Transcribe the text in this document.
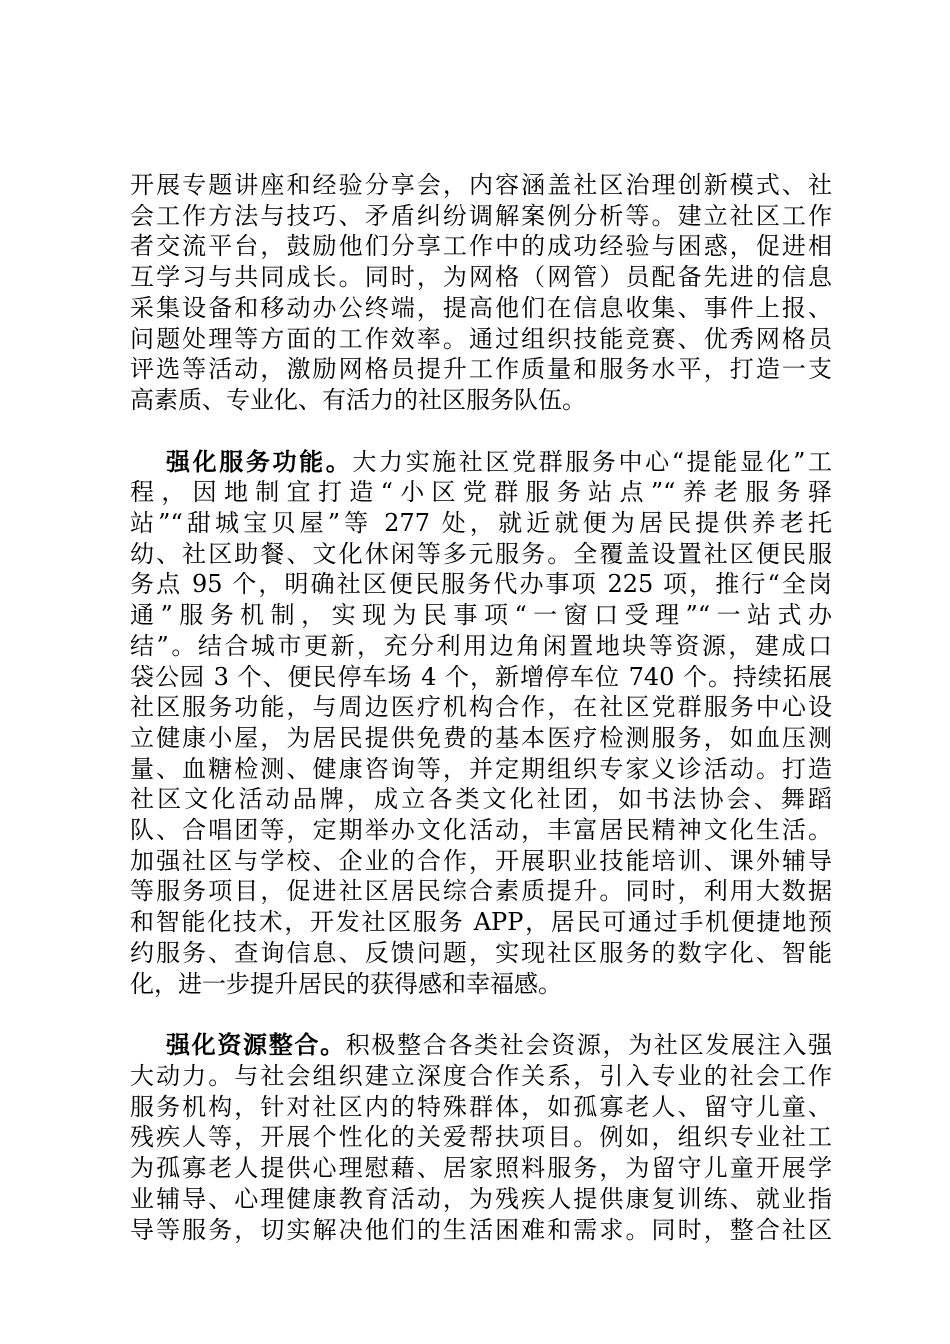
开展专题讲座和经验分享会，内容涵盖社区治理创新模式、社
会工作方法与技巧、矛盾纠纷调解案例分析等。建立社区工作
者交流平台，鼓励他们分享工作中的成功经验与困惑，促进相
互学习与共同成长。同时，为网格（网管）员配备先进的信息
采集设备和移动办公终端，提高他们在信息收集、事件上报、
问题处理等方面的工作效率。通过组织技能竞赛、优秀网格员
评选等活动，激励网格员提升工作质量和服务水平，打造一支
高素质、专业化、有活力的社区服务队伍。
强化服务功能。大力实施社区党群服务中心“提能显化”工
程，因地制宜打造“小区党群服务站点”“养老服务驿
站”“甜城宝贝屋”等 277 处，就近就便为居民提供养老托
幼、社区助餐、文化休闲等多元服务。全覆盖设置社区便民服
务点 95 个，明确社区便民服务代办事项 225 项，推行“全岗
通”服务机制，实现为民事项“一窗口受理”“一站式办
结”。结合城市更新，充分利用边角闲置地块等资源，建成口
袋公园 3 个、便民停车场 4 个，新增停车位 740 个。持续拓展
社区服务功能，与周边医疗机构合作，在社区党群服务中心设
立健康小屋，为居民提供免费的基本医疗检测服务，如血压测
量、血糖检测、健康咨询等，并定期组织专家义诊活动。打造
社区文化活动品牌，成立各类文化社团，如书法协会、舞蹈
队、合唱团等，定期举办文化活动，丰富居民精神文化生活。
加强社区与学校、企业的合作，开展职业技能培训、课外辅导
等服务项目，促进社区居民综合素质提升。同时，利用大数据
和智能化技术，开发社区服务 APP，居民可通过手机便捷地预
约服务、查询信息、反馈问题，实现社区服务的数字化、智能
化，进一步提升居民的获得感和幸福感。
强化资源整合。积极整合各类社会资源，为社区发展注入强
大动力。与社会组织建立深度合作关系，引入专业的社会工作
服务机构，针对社区内的特殊群体，如孤寡老人、留守儿童、
残疾人等，开展个性化的关爱帮扶项目。例如，组织专业社工
为孤寡老人提供心理慰藉、居家照料服务，为留守儿童开展学
业辅导、心理健康教育活动，为残疾人提供康复训练、就业指
导等服务，切实解决他们的生活困难和需求。同时，整合社区
